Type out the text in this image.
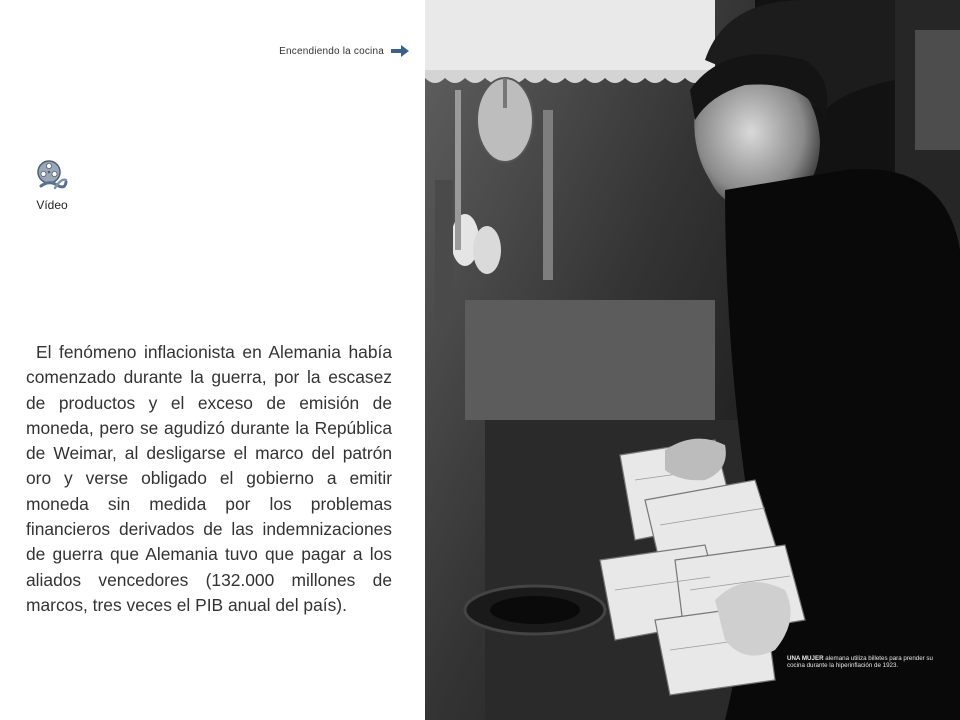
Encendiendo la cocina
Vídeo

El fenómeno inflacionista en Alemania había comenzado durante la guerra, por la escasez de productos y el exceso de emisión de moneda, pero se agudizó durante la República de Weimar, al desligarse el marco del patrón oro y verse obligado el gobierno a emitir moneda sin medida por los problemas financieros derivados de las indemnizaciones de guerra que Alemania tuvo que pagar a los aliados vencedores (132.000 millones de marcos, tres veces el PIB anual del país).

UNA MUJER alemana utiliza billetes para prender su cocina durante la hiperinflación de 1923.
